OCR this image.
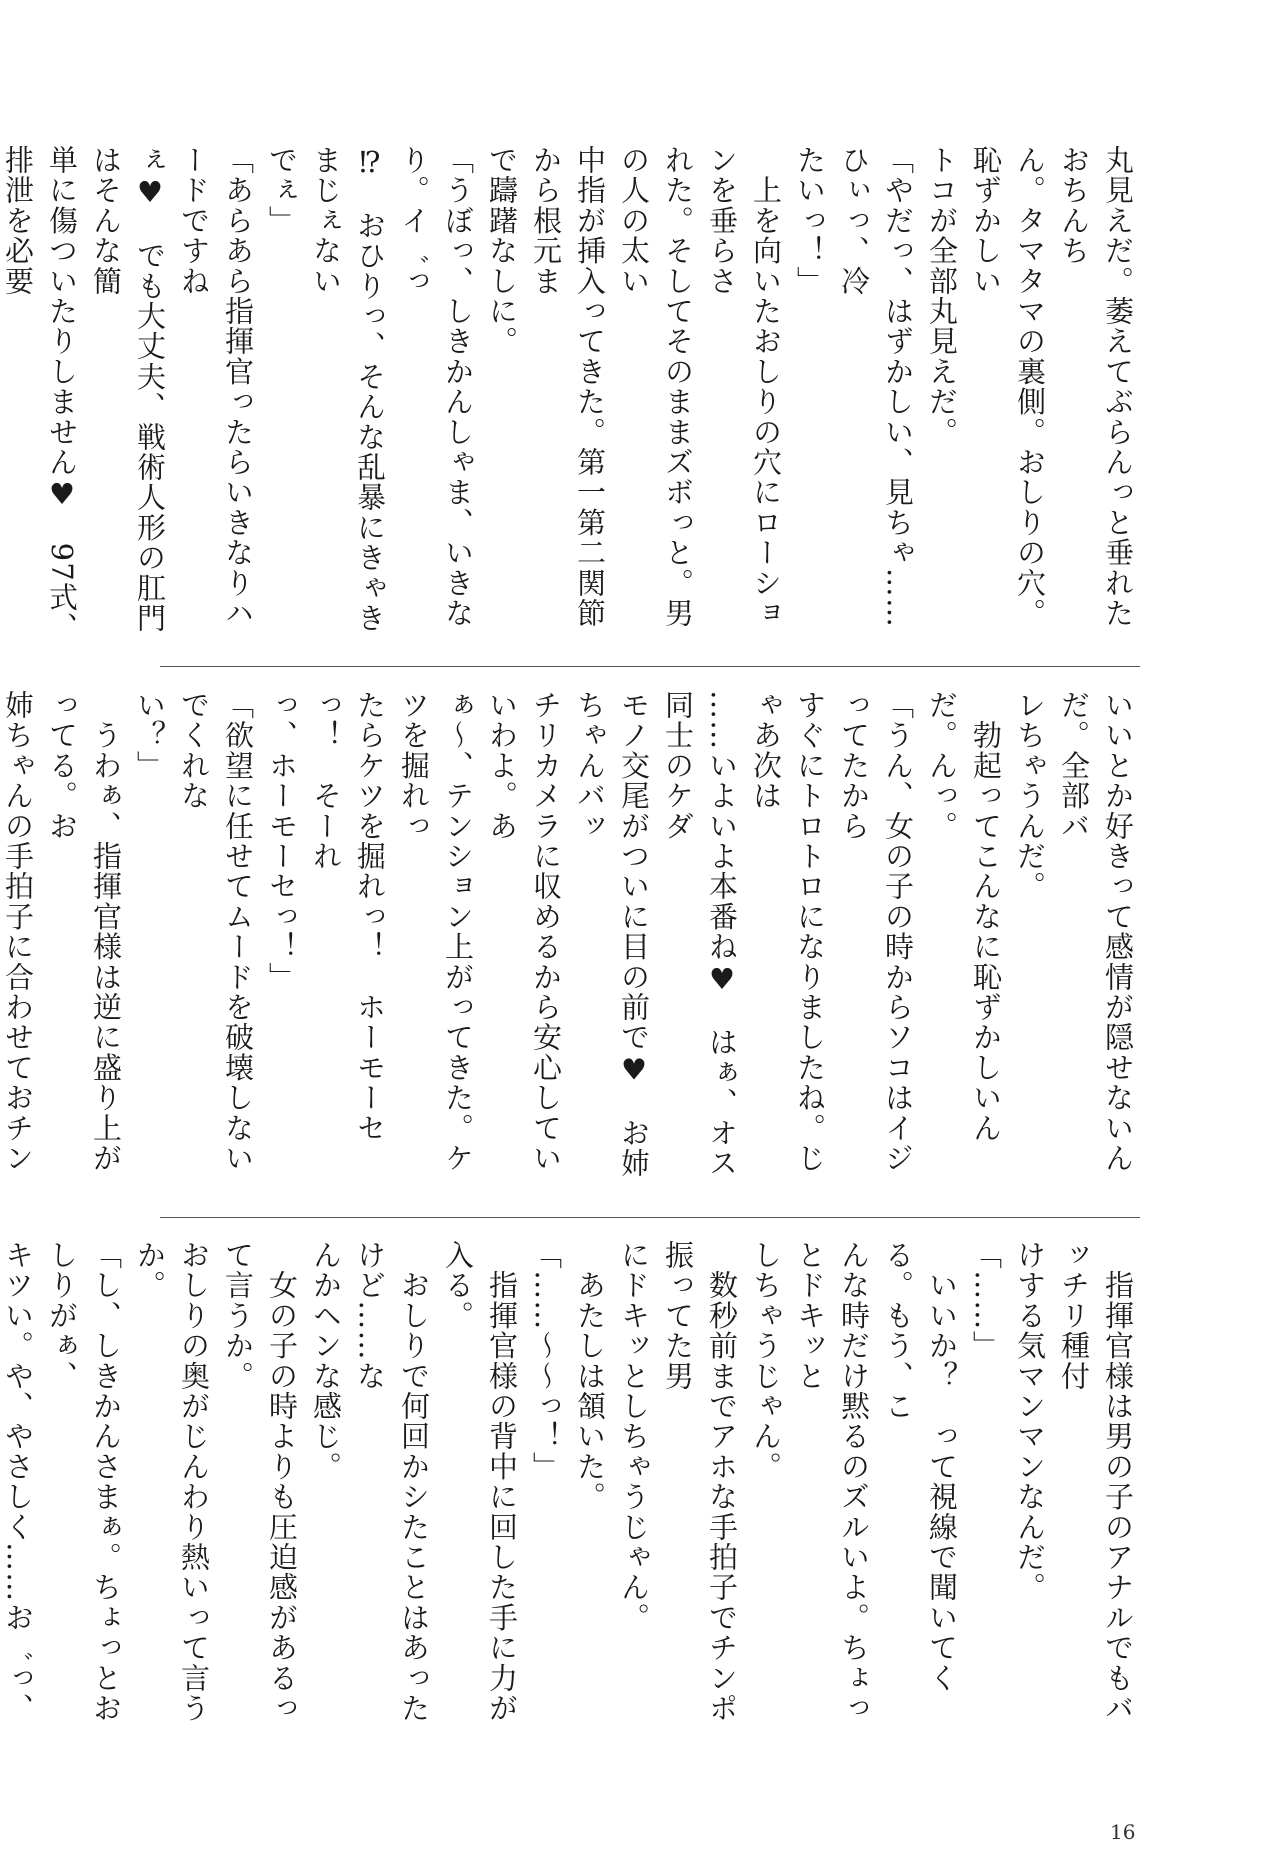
丸見えだ。萎えてぶらんっと垂れたおちんち

ん。タマタマの裏側。おしりの穴。恥ずかしい

トコが全部丸見えだ。

「やだっ、はずかしい、見ちゃ……ひぃっ、冷

たいっ！」

　上を向いたおしりの穴にローションを垂らさ

れた。そしてそのままズボっと。男の人の太い

中指が挿入ってきた。第一第二関節から根元ま

で躊躇なしに。

「うぼっ、しきかんしゃま、いきなり。イ゛っ

⁉　おひりっ、そんな乱暴にきゃきまじぇない

でぇ」

「あらあら指揮官ったらいきなりハードですね

ぇ♥　でも大丈夫、戦術人形の肛門はそんな簡

単に傷ついたりしません♥　97式、排泄を必要

いいとか好きって感情が隠せないんだ。全部バ

レちゃうんだ。

　勃起ってこんなに恥ずかしいんだ。んっ。

「うん、女の子の時からソコはイジってたから

すぐにトロトロになりましたね。じゃあ次は

……いよいよ本番ね♥　はぁ、オス同士のケダ

モノ交尾がついに目の前で♥　お姉ちゃんバッ

チリカメラに収めるから安心していいわよ。あ

ぁ～、テンション上がってきた。ケツを掘れっ

たらケツを掘れっ！　ホーモーセっ！　そーれ

っ、ホーモーセっ！」

「欲望に任せてムードを破壊しないでくれな

い？」

　うわぁ、指揮官様は逆に盛り上がってる。お

姉ちゃんの手拍子に合わせておチン

　指揮官様は男の子のアナルでもバッチリ種付

けする気マンマンなんだ。

「……」

　いいか？　って視線で聞いてくる。もう、こ

んな時だけ黙るのズルいよ。ちょっとドキッと

しちゃうじゃん。

　数秒前までアホな手拍子でチンポ振ってた男

にドキッとしちゃうじゃん。

　あたしは頷いた。

「……～～っ！」

　指揮官様の背中に回した手に力が入る。

　おしりで何回かシたことはあったけど……な

んかヘンな感じ。

　女の子の時よりも圧迫感があるって言うか。

おしりの奥がじんわり熱いって言うか。

「し、しきかんさまぁ。ちょっとおしりがぁ、

キツい。や、やさしく……お゛っ、

16
